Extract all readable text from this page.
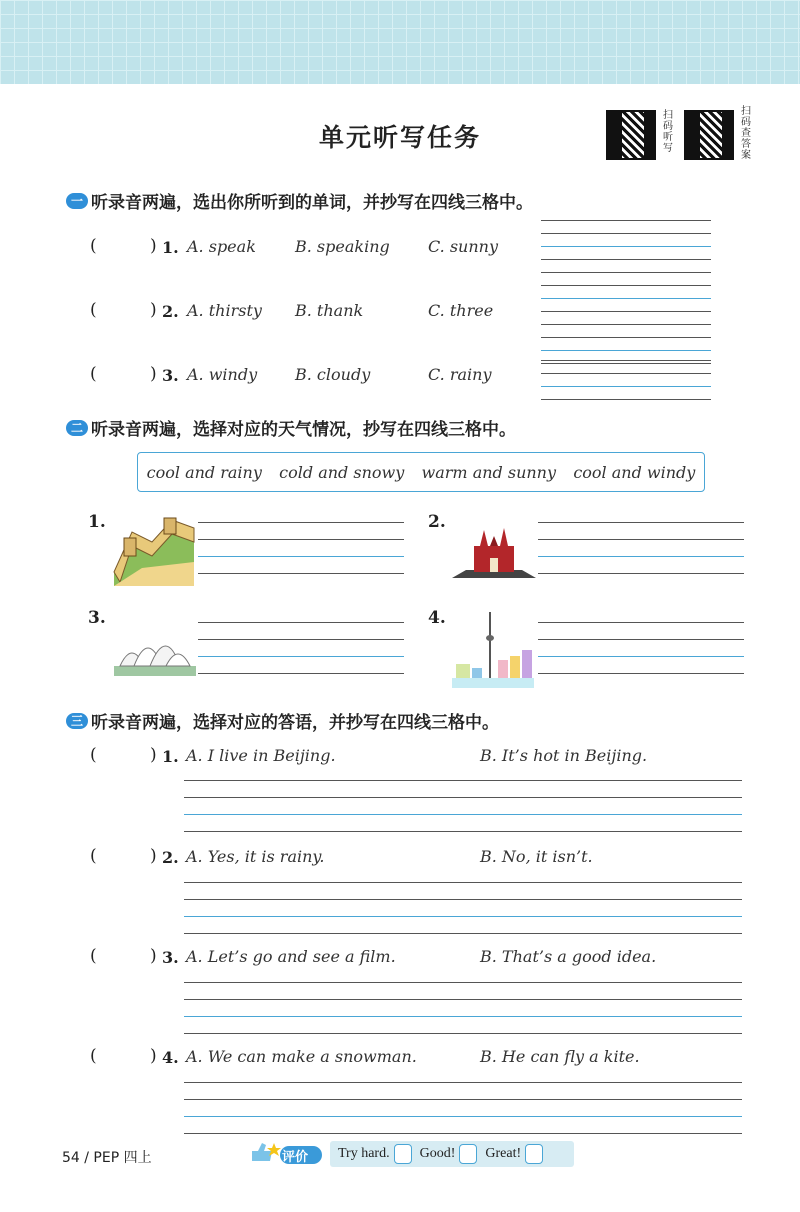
单元听写任务
扫码听写
扫码查答案
一 听录音两遍，选出你所听到的单词，并抄写在四线三格中。
(	) 1. A. speak B. speaking C. sunny
(	) 2. A. thirsty B. thank	C. three
(	) 3. A. windy B. cloudy	C. rainy
二 听录音两遍，选择对应的天气情况，抄写在四线三格中。
cool and rainy cold and snowy warm and sunny cool and windy
1.	2.
3.	4.
三 听录音两遍，选择对应的答语，并抄写在四线三格中。
(	) 1. A. I live in Beijing.	B. It’s hot in Beijing.
(	) 2. A. Yes, it is rainy.	B. No, it isn’t.
(	) 3. A. Let’s go and see a film.	B. That’s a good idea.
(	) 4. A. We can make a snowman.	B. He can fly a kite.
54 / PEP 四上	评价 Try hard. Good! Great!
